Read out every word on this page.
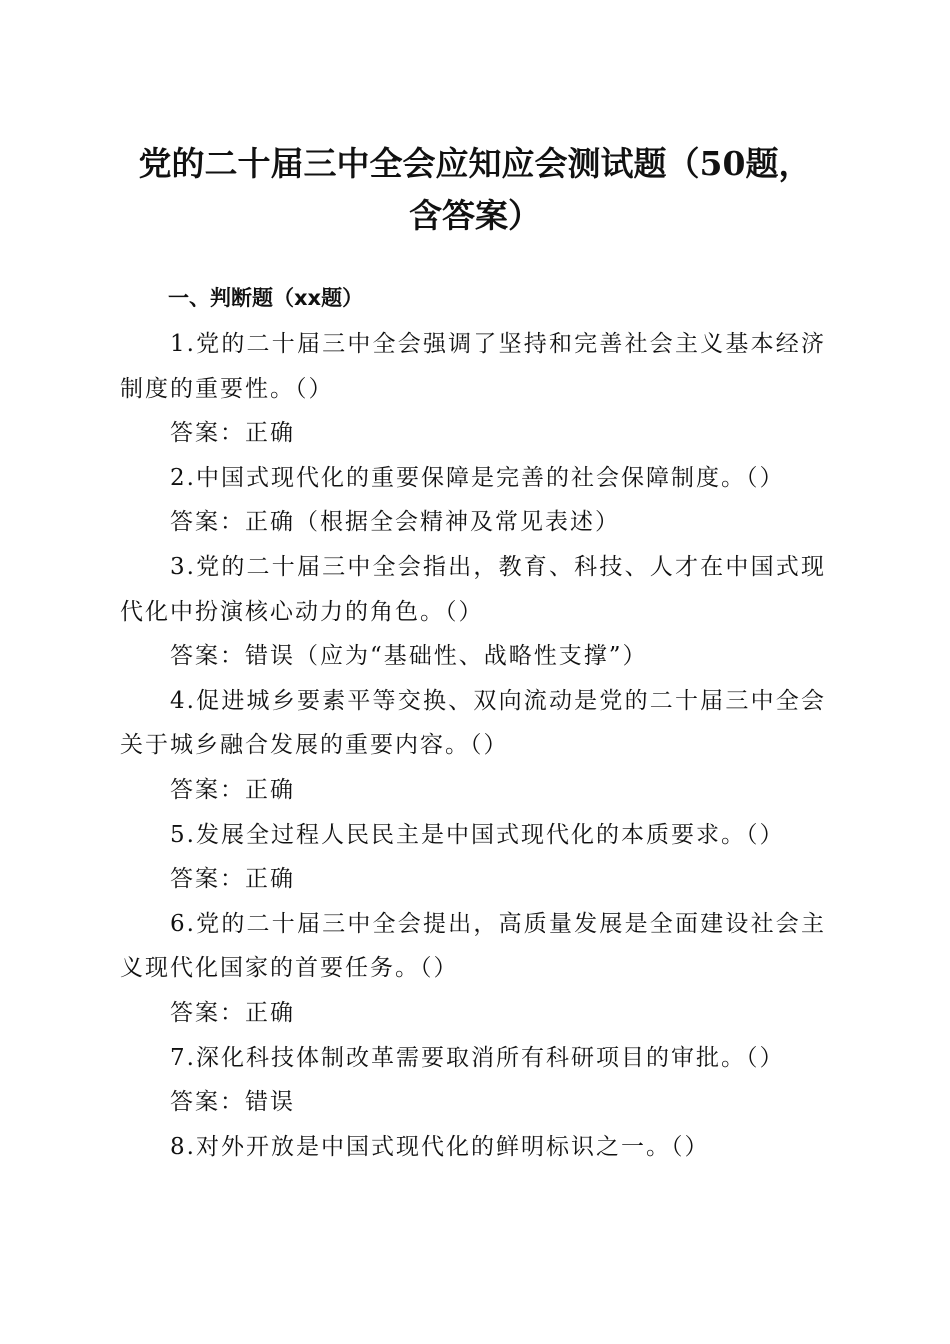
党的二十届三中全会应知应会测试题（50题，
含答案）
一、判断题（xx题）

1.党的二十届三中全会强调了坚持和完善社会主义基本经济制度的重要性。（）

答案：正确

2.中国式现代化的重要保障是完善的社会保障制度。（）

答案：正确（根据全会精神及常见表述）

3.党的二十届三中全会指出，教育、科技、人才在中国式现代化中扮演核心动力的角色。（）

答案：错误（应为“基础性、战略性支撑”）

4.促进城乡要素平等交换、双向流动是党的二十届三中全会关于城乡融合发展的重要内容。（）

答案：正确

5.发展全过程人民民主是中国式现代化的本质要求。（）

答案：正确

6.党的二十届三中全会提出，高质量发展是全面建设社会主义现代化国家的首要任务。（）

答案：正确

7.深化科技体制改革需要取消所有科研项目的审批。（）

答案：错误

8.对外开放是中国式现代化的鲜明标识之一。（）
